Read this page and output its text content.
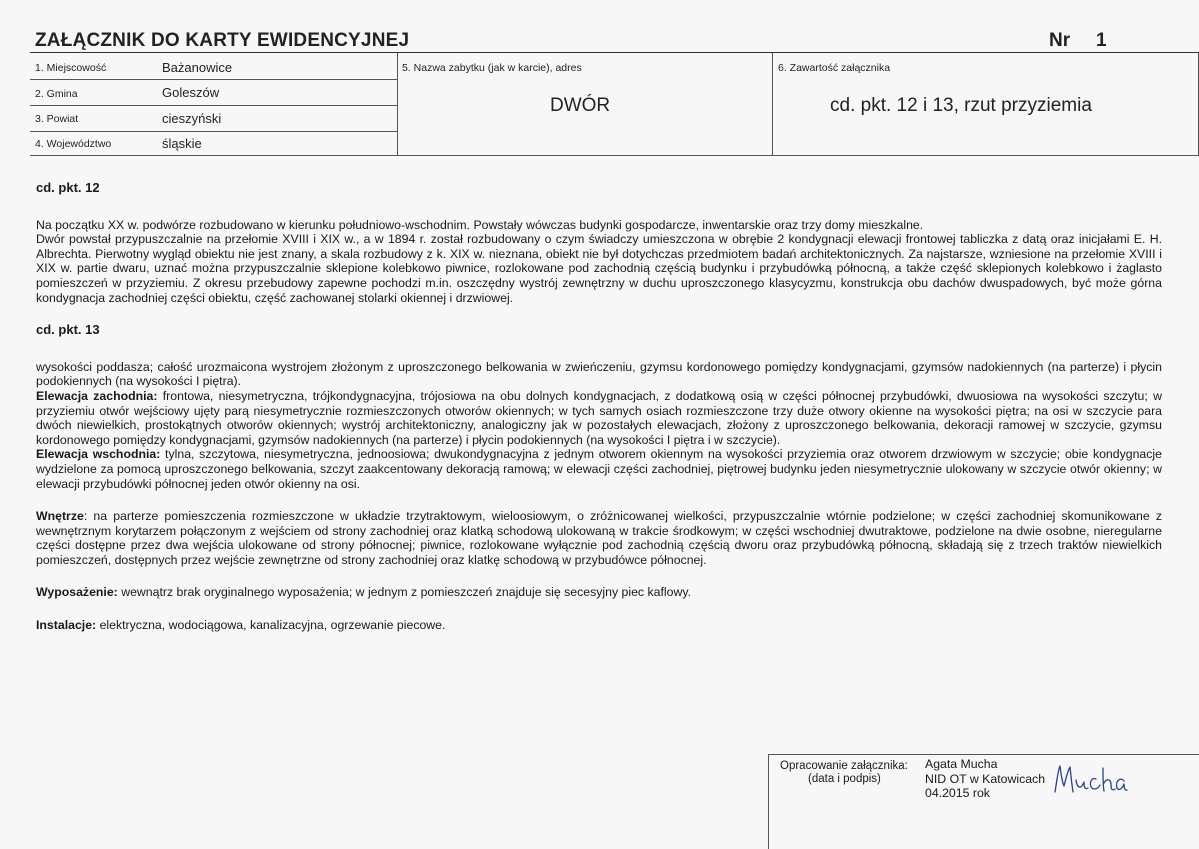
ZAŁĄCZNIK DO KARTY EWIDENCYJNEJ	Nr 1
1. Miejscowość	Bażanowice
2. Gmina	Goleszów
3. Powiat	cieszyński
4. Województwo	śląskie
5. Nazwa zabytku (jak w karcie), adres
DWÓR
6. Zawartość załącznika
cd. pkt. 12 i 13, rzut przyziemia
cd. pkt. 12

Na początku XX w. podwórze rozbudowano w kierunku południowo-wschodnim. Powstały wówczas budynki gospodarcze, inwentarskie oraz trzy domy mieszkalne.

Dwór powstał przypuszczalnie na przełomie XVIII i XIX w., a w 1894 r. został rozbudowany o czym świadczy umieszczona w obrębie 2 kondygnacji elewacji frontowej tabliczka z datą oraz inicjałami E. H. Albrechta. Pierwotny wygląd obiektu nie jest znany, a skala rozbudowy z k. XIX w. nieznana, obiekt nie był dotychczas przedmiotem badań architektonicznych. Za najstarsze, wzniesione na przełomie XVIII i XIX w. partie dwaru, uznać można przypuszczalnie sklepione kolebkowo piwnice, rozlokowane pod zachodnią częścią budynku i przybudówką północną, a także część sklepionych kolebkowo i żaglasto pomieszczeń w przyziemiu. Z okresu przebudowy zapewne pochodzi m.in. oszczędny wystrój zewnętrzny w duchu uproszczonego klasycyzmu, konstrukcja obu dachów dwuspadowych, być może górna kondygnacja zachodniej części obiektu, część zachowanej stolarki okiennej i drzwiowej.

cd. pkt. 13

wysokości poddasza; całość urozmaicona wystrojem złożonym z uproszczonego belkowania w zwieńczeniu, gzymsu kordonowego pomiędzy kondygnacjami, gzymsów nadokiennych (na parterze) i płycin podokiennych (na wysokości I piętra).

Elewacja zachodnia: frontowa, niesymetryczna, trójkondygnacyjna, trójosiowa na obu dolnych kondygnacjach, z dodatkową osią w części północnej przybudówki, dwuosiowa na wysokości szczytu; w przyziemiu otwór wejściowy ujęty parą niesymetrycznie rozmieszczonych otworów okiennych; w tych samych osiach rozmieszczone trzy duże otwory okienne na wysokości piętra; na osi w szczycie para dwóch niewielkich, prostokątnych otworów okiennych; wystrój architektoniczny, analogiczny jak w pozostałych elewacjach, złożony z uproszczonego belkowania, dekoracji ramowej w szczycie, gzymsu kordonowego pomiędzy kondygnacjami, gzymsów nadokiennych (na parterze) i płycin podokiennych (na wysokości I piętra i w szczycie).

Elewacja wschodnia: tylna, szczytowa, niesymetryczna, jednoosiowa; dwukondygnacyjna z jednym otworem okiennym na wysokości przyziemia oraz otworem drzwiowym w szczycie; obie kondygnacje wydzielone za pomocą uproszczonego belkowania, szczyt zaakcentowany dekoracją ramową; w elewacji części zachodniej, piętrowej budynku jeden niesymetrycznie ulokowany w szczycie otwór okienny; w elewacji przybudówki północnej jeden otwór okienny na osi.

Wnętrze: na parterze pomieszczenia rozmieszczone w układzie trzytraktowym, wieloosiowym, o zróżnicowanej wielkości, przypuszczalnie wtórnie podzielone; w części zachodniej skomunikowane z wewnętrznym korytarzem połączonym z wejściem od strony zachodniej oraz klatką schodową ulokowaną w trakcie środkowym; w części wschodniej dwutraktowe, podzielone na dwie osobne, nieregularne części dostępne przez dwa wejścia ulokowane od strony północnej; piwnice, rozlokowane wyłącznie pod zachodnią częścią dworu oraz przybudówką północną, składają się z trzech traktów niewielkich pomieszczeń, dostępnych przez wejście zewnętrzne od strony zachodniej oraz klatkę schodową w przybudówce północnej.

Wyposażenie: wewnątrz brak oryginalnego wyposażenia; w jednym z pomieszczeń znajduje się secesyjny piec kaflowy.

Instalacje: elektryczna, wodociągowa, kanalizacyjna, ogrzewanie piecowe.

Opracowanie załącznika:
(data i podpis)
Agata Mucha
NID OT w Katowicach
04.2015 rok
